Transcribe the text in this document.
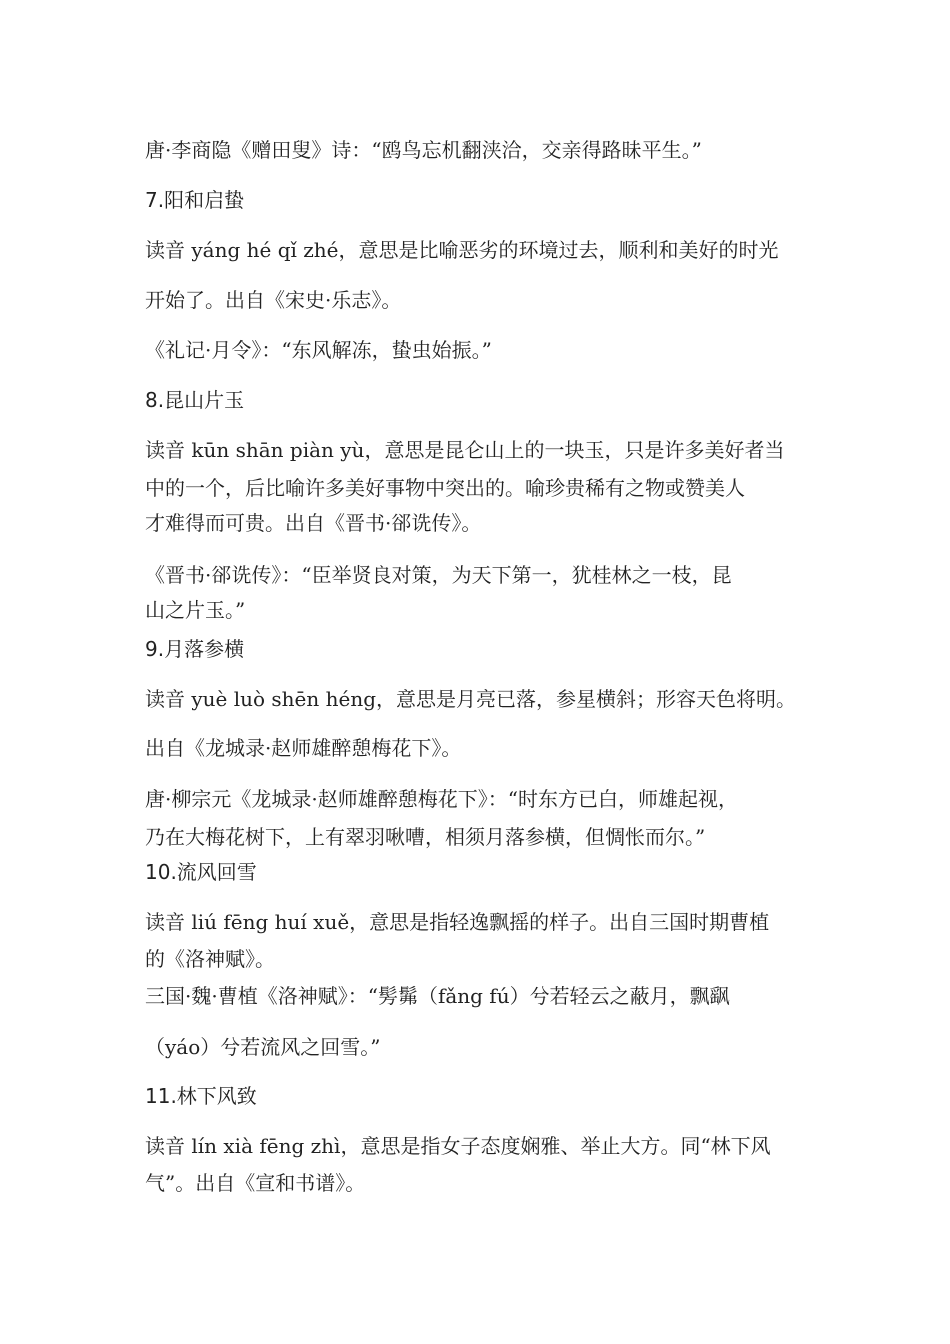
唐·李商隐《赠田叟》诗：“鸥鸟忘机翻浃洽，交亲得路昧平生。”

7.阳和启蛰

读音 yáng hé qǐ zhé，意思是比喻恶劣的环境过去，顺利和美好的时光

开始了。出自《宋史·乐志》。

《礼记·月令》：“东风解冻，蛰虫始振。”

8.昆山片玉

读音 kūn shān piàn yù，意思是昆仑山上的一块玉，只是许多美好者当

中的一个，后比喻许多美好事物中突出的。喻珍贵稀有之物或赞美人

才难得而可贵。出自《晋书·郤诜传》。

《晋书·郤诜传》：“臣举贤良对策，为天下第一，犹桂林之一枝，昆

山之片玉。”

9.月落参横

读音 yuè luò shēn héng，意思是月亮已落，参星横斜；形容天色将明。

出自《龙城录·赵师雄醉憩梅花下》。

唐·柳宗元《龙城录·赵师雄醉憩梅花下》：“时东方已白，师雄起视，

乃在大梅花树下，上有翠羽啾嘈，相须月落参横，但惆怅而尔。”

10.流风回雪

读音 liú fēng huí xuě，意思是指轻逸飘摇的样子。出自三国时期曹植

的《洛神赋》。

三国·魏·曹植《洛神赋》：“髣髴（fǎng fú）兮若轻云之蔽月，飘飖

（yáo）兮若流风之回雪。”

11.林下风致

读音 lín xià fēng zhì，意思是指女子态度娴雅、举止大方。同“林下风

气”。出自《宣和书谱》。
